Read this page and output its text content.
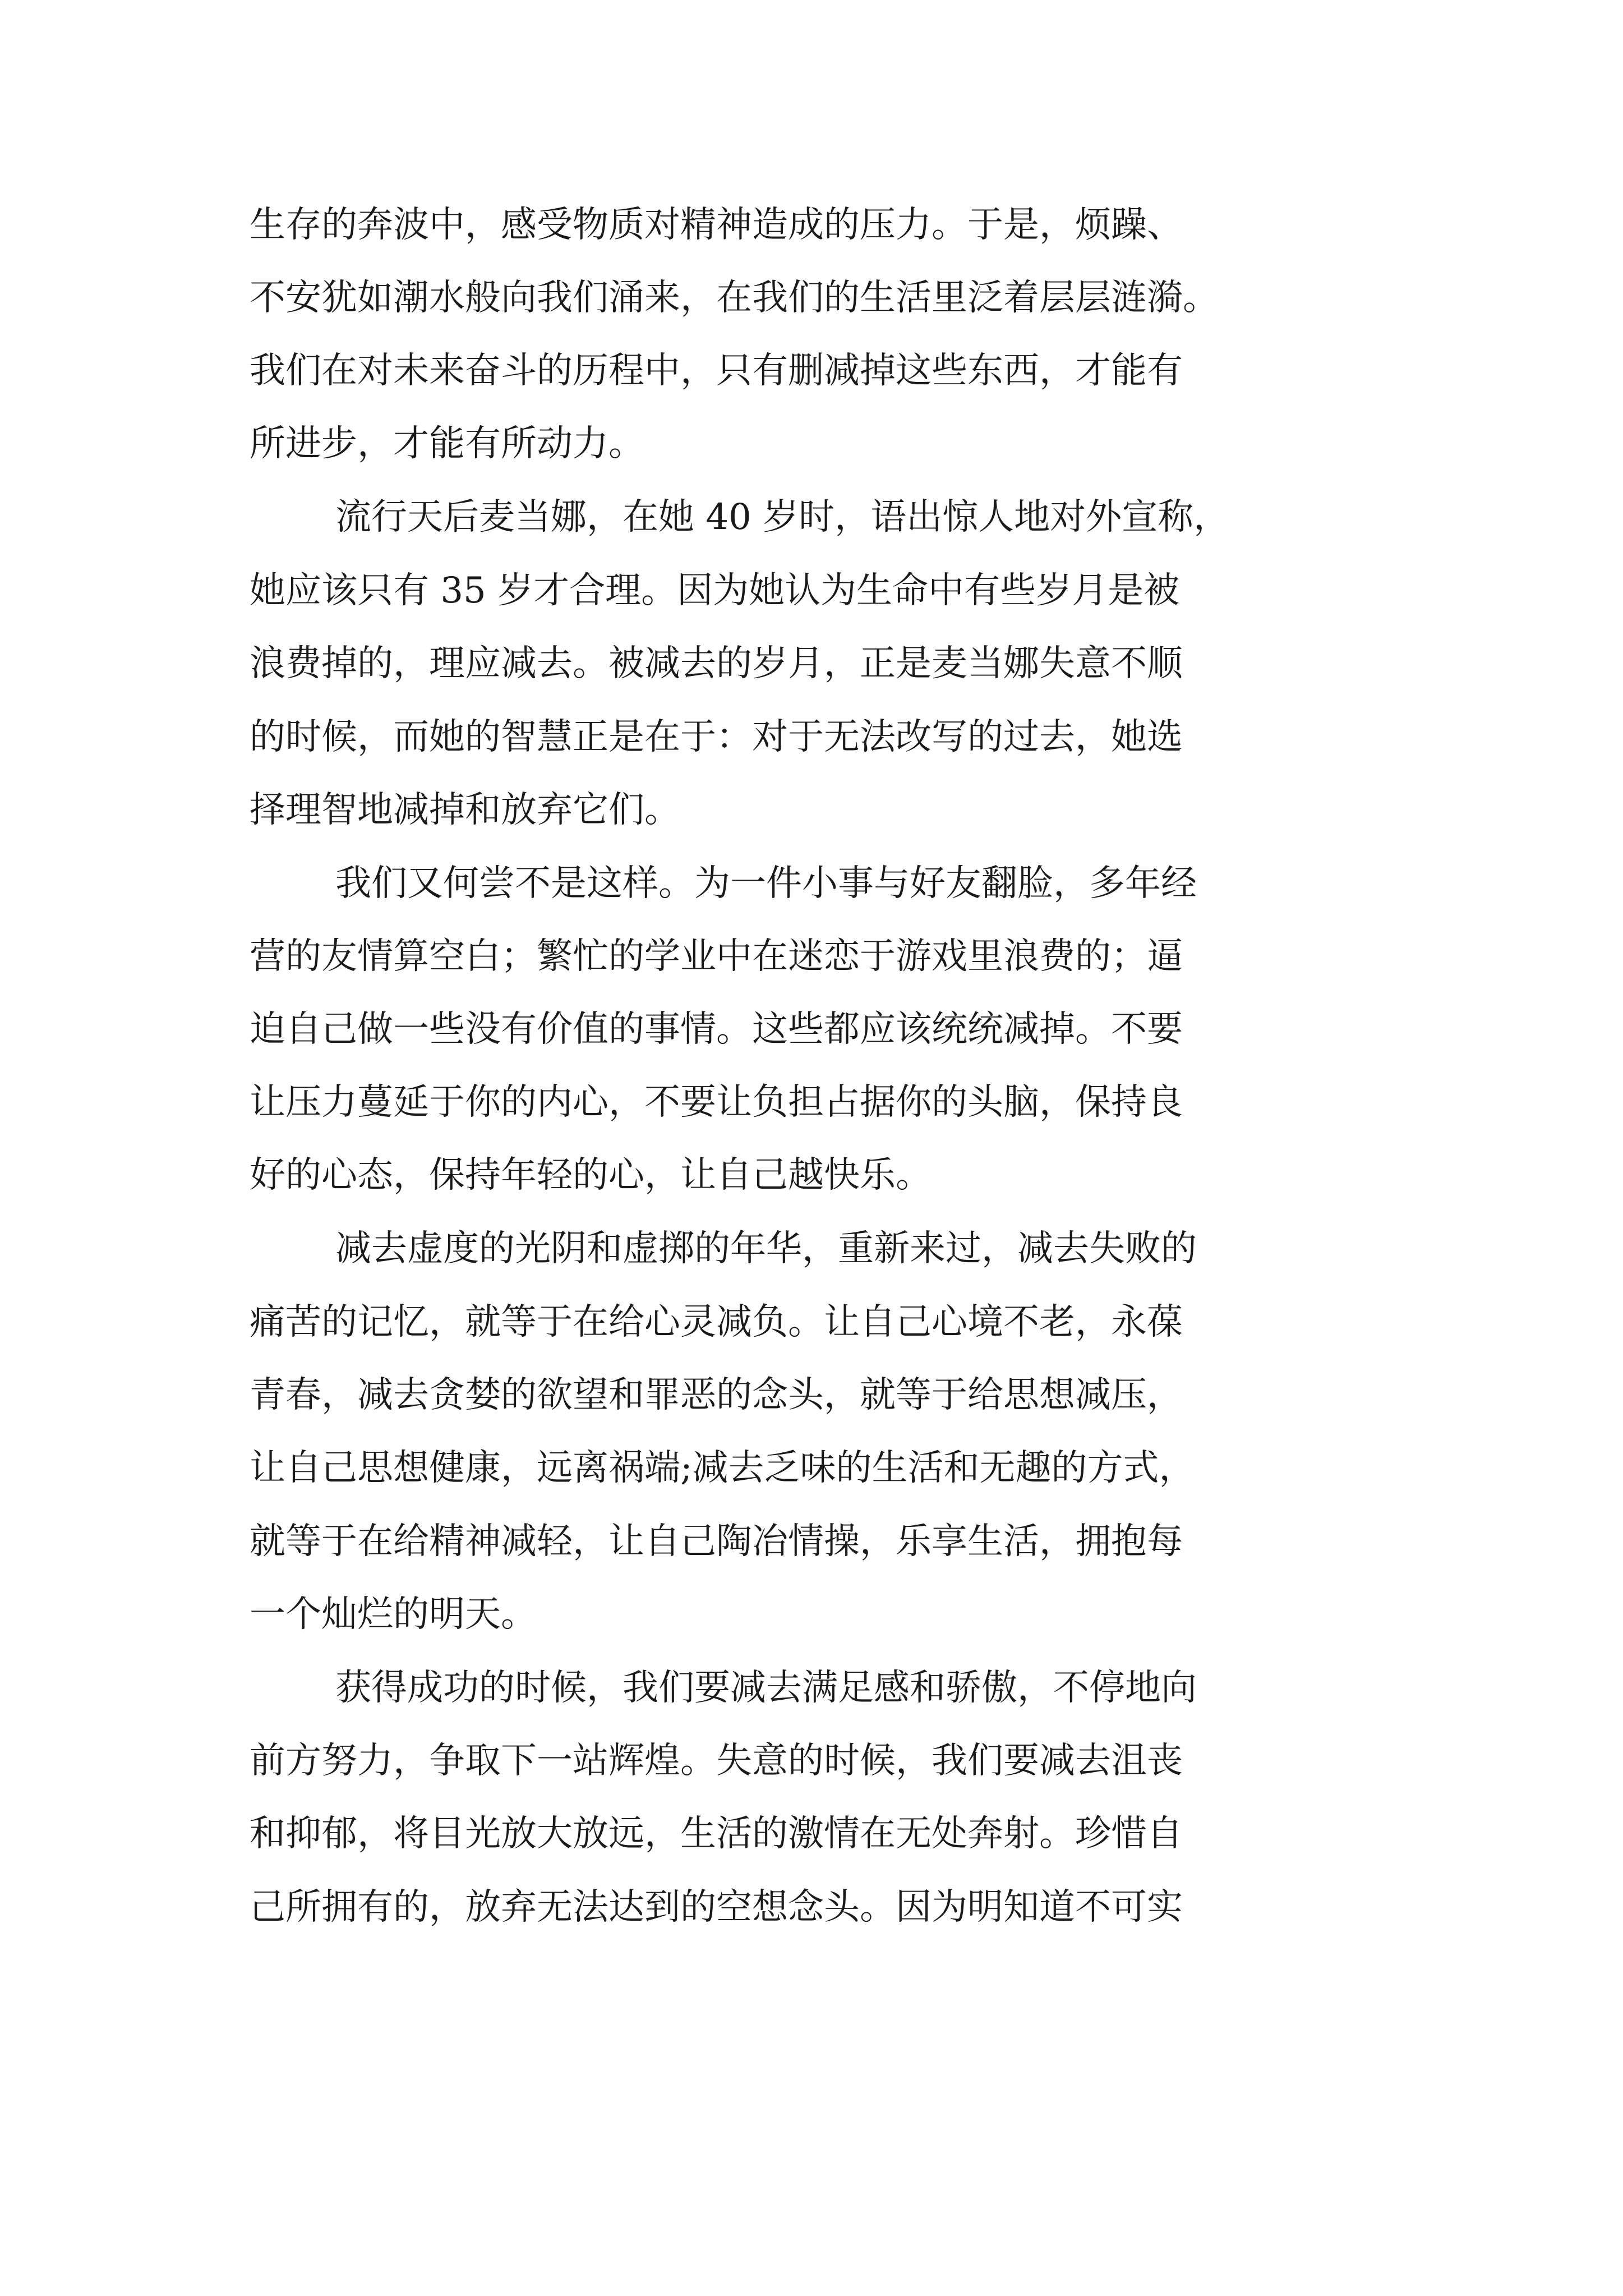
生存的奔波中，感受物质对精神造成的压力。于是，烦躁、

不安犹如潮水般向我们涌来，在我们的生活里泛着层层涟漪。

我们在对未来奋斗的历程中，只有删减掉这些东西，才能有

所进步，才能有所动力。

流行天后麦当娜，在她 40 岁时，语出惊人地对外宣称，

她应该只有 35 岁才合理。因为她认为生命中有些岁月是被

浪费掉的，理应减去。被减去的岁月，正是麦当娜失意不顺

的时候，而她的智慧正是在于：对于无法改写的过去，她选

择理智地减掉和放弃它们。

我们又何尝不是这样。为一件小事与好友翻脸，多年经

营的友情算空白；繁忙的学业中在迷恋于游戏里浪费的；逼

迫自己做一些没有价值的事情。这些都应该统统减掉。不要

让压力蔓延于你的内心，不要让负担占据你的头脑，保持良

好的心态，保持年轻的心，让自己越快乐。

减去虚度的光阴和虚掷的年华，重新来过，减去失败的

痛苦的记忆，就等于在给心灵减负。让自己心境不老，永葆

青春，减去贪婪的欲望和罪恶的念头，就等于给思想减压，

让自己思想健康，远离祸端;减去乏味的生活和无趣的方式，

就等于在给精神减轻，让自己陶冶情操，乐享生活，拥抱每

一个灿烂的明天。

获得成功的时候，我们要减去满足感和骄傲，不停地向

前方努力，争取下一站辉煌。失意的时候，我们要减去沮丧

和抑郁，将目光放大放远，生活的激情在无处奔射。珍惜自

己所拥有的，放弃无法达到的空想念头。因为明知道不可实
